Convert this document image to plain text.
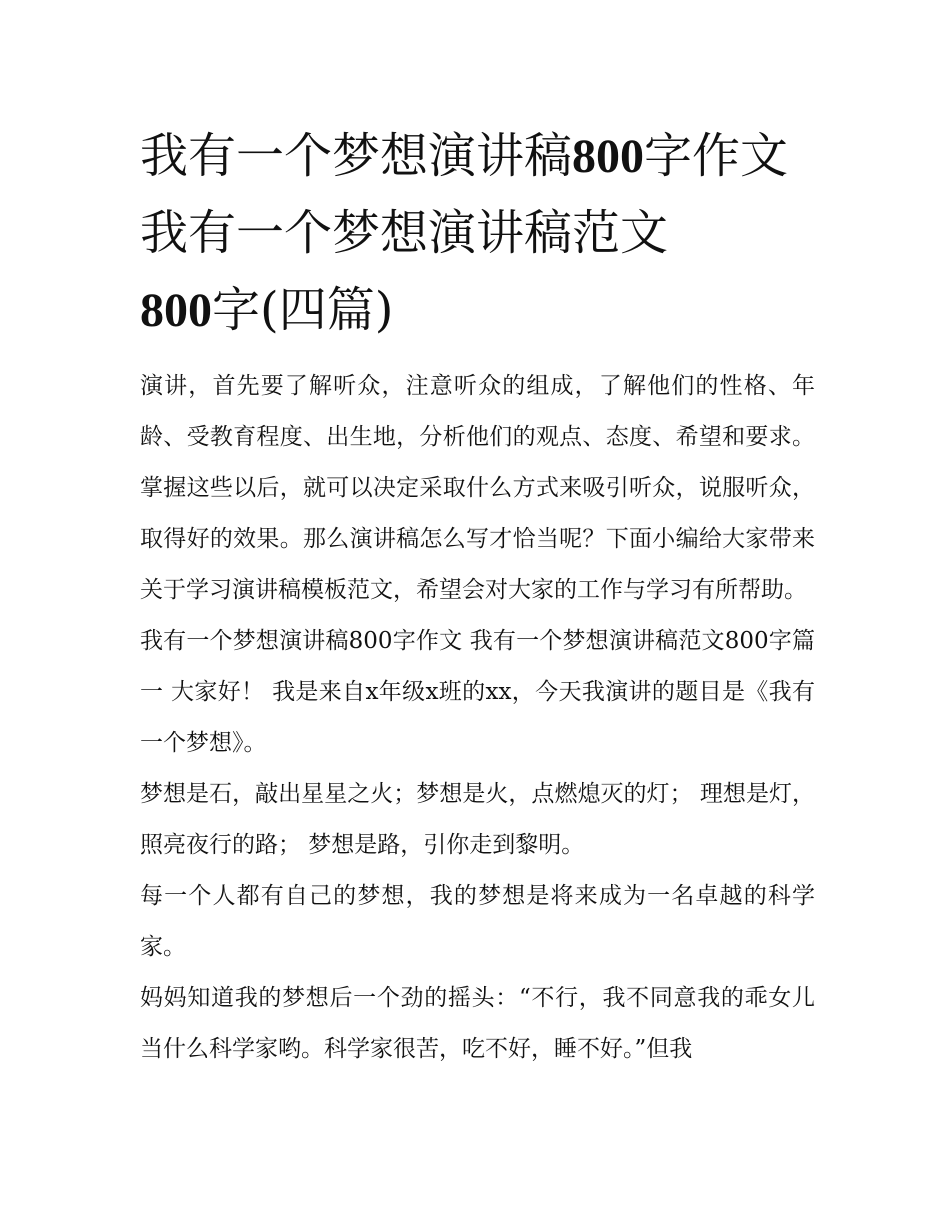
我有一个梦想演讲稿800字作文 我有一个梦想演讲稿范文
800字(四篇)

演讲，首先要了解听众，注意听众的组成，了解他们的性格、年龄、受教育程度、出生地，分析他们的观点、态度、希望和要求。掌握这些以后，就可以决定采取什么方式来吸引听众，说服听众，取得好的效果。那么演讲稿怎么写才恰当呢？下面小编给大家带来关于学习演讲稿模板范文，希望会对大家的工作与学习有所帮助。

我有一个梦想演讲稿800字作文 我有一个梦想演讲稿范文800字篇一 大家好！ 我是来自x年级x班的xx，今天我演讲的题目是《我有一个梦想》。

梦想是石，敲出星星之火；梦想是火，点燃熄灭的灯； 理想是灯，照亮夜行的路； 梦想是路，引你走到黎明。

每一个人都有自己的梦想，我的梦想是将来成为一名卓越的科学家。

妈妈知道我的梦想后一个劲的摇头：“不行，我不同意我的乖女儿当什么科学家哟。科学家很苦，吃不好，睡不好。”但我
